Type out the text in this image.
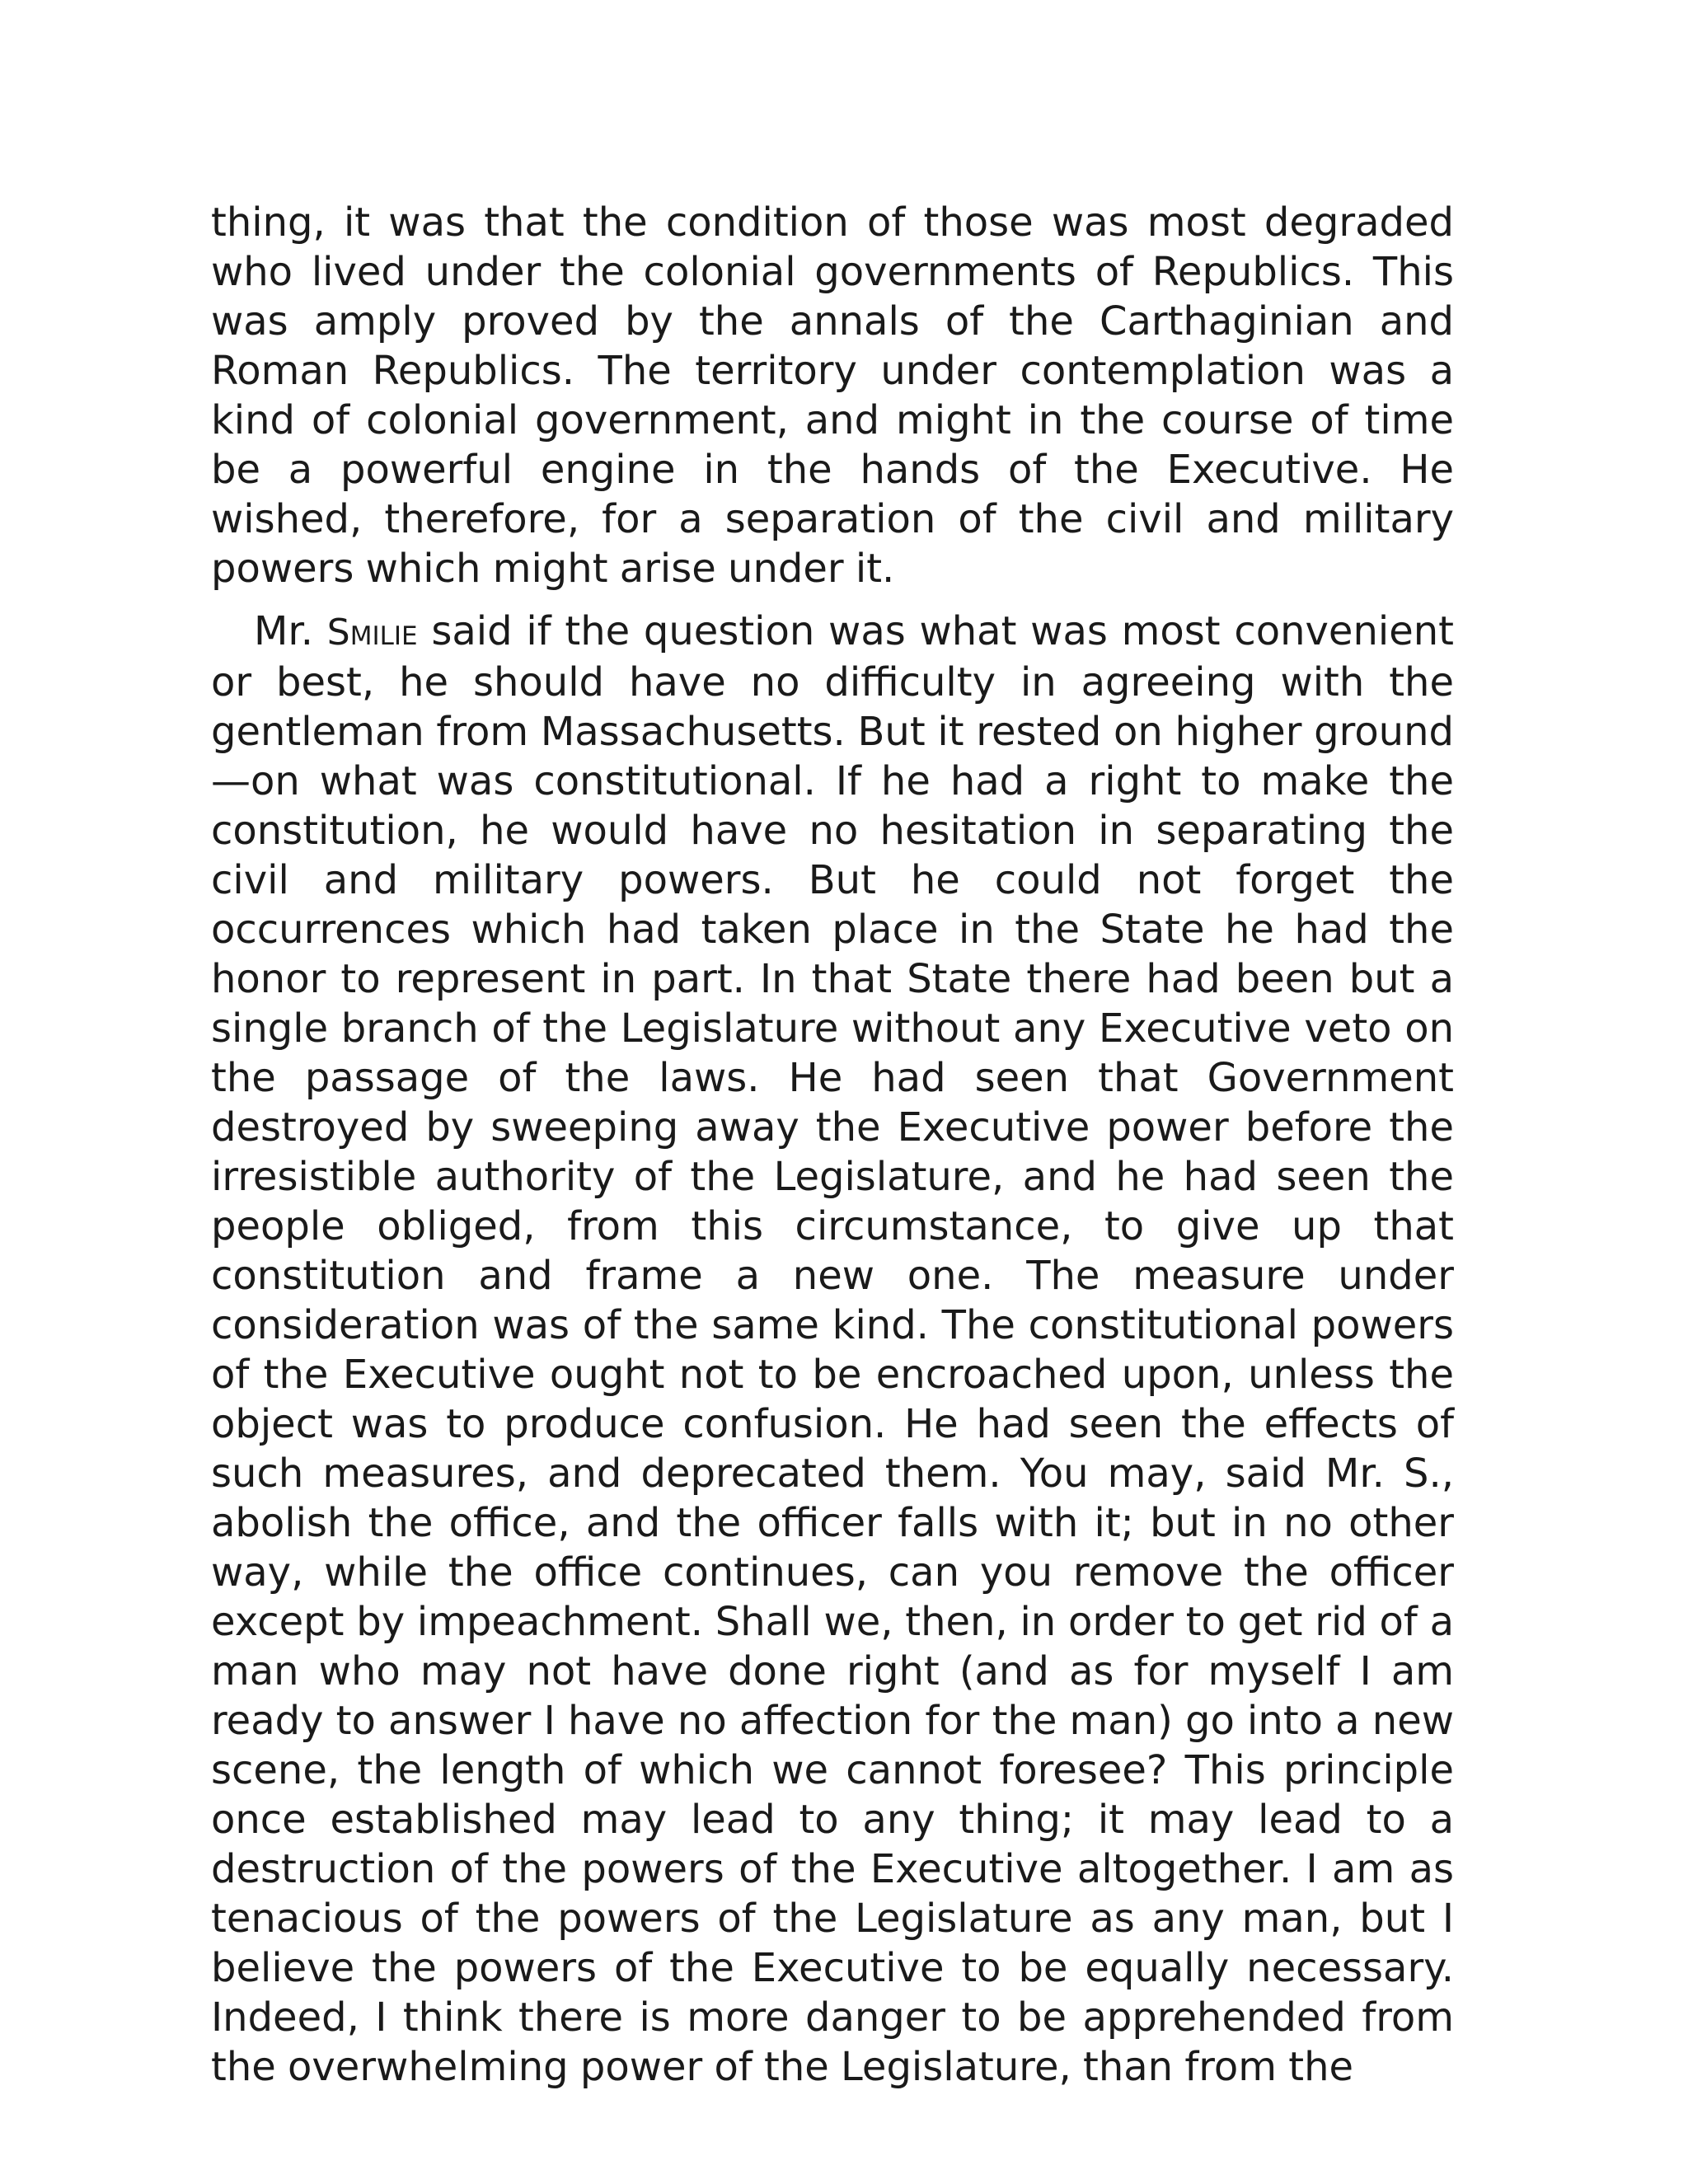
thing, it was that the condition of those was most degraded who lived under the colonial governments of Republics. This was amply proved by the annals of the Carthaginian and Roman Republics. The territory under contemplation was a kind of colonial government, and might in the course of time be a powerful engine in the hands of the Executive. He wished, therefore, for a separation of the civil and military powers which might arise under it.

Mr. Smilie said if the question was what was most convenient or best, he should have no difficulty in agreeing with the gentleman from Massachusetts. But it rested on higher ground—on what was constitutional. If he had a right to make the constitution, he would have no hesitation in separating the civil and military powers. But he could not forget the occurrences which had taken place in the State he had the honor to represent in part. In that State there had been but a single branch of the Legislature without any Executive veto on the passage of the laws. He had seen that Government destroyed by sweeping away the Executive power before the irresistible authority of the Legislature, and he had seen the people obliged, from this circumstance, to give up that constitution and frame a new one. The measure under consideration was of the same kind. The constitutional powers of the Executive ought not to be encroached upon, unless the object was to produce confusion. He had seen the effects of such measures, and deprecated them. You may, said Mr. S., abolish the office, and the officer falls with it; but in no other way, while the office continues, can you remove the officer except by impeachment. Shall we, then, in order to get rid of a man who may not have done right (and as for myself I am ready to answer I have no affection for the man) go into a new scene, the length of which we cannot foresee? This principle once established may lead to any thing; it may lead to a destruction of the powers of the Executive altogether. I am as tenacious of the powers of the Legislature as any man, but I believe the powers of the Executive to be equally necessary. Indeed, I think there is more danger to be apprehended from the overwhelming power of the Legislature, than from the
